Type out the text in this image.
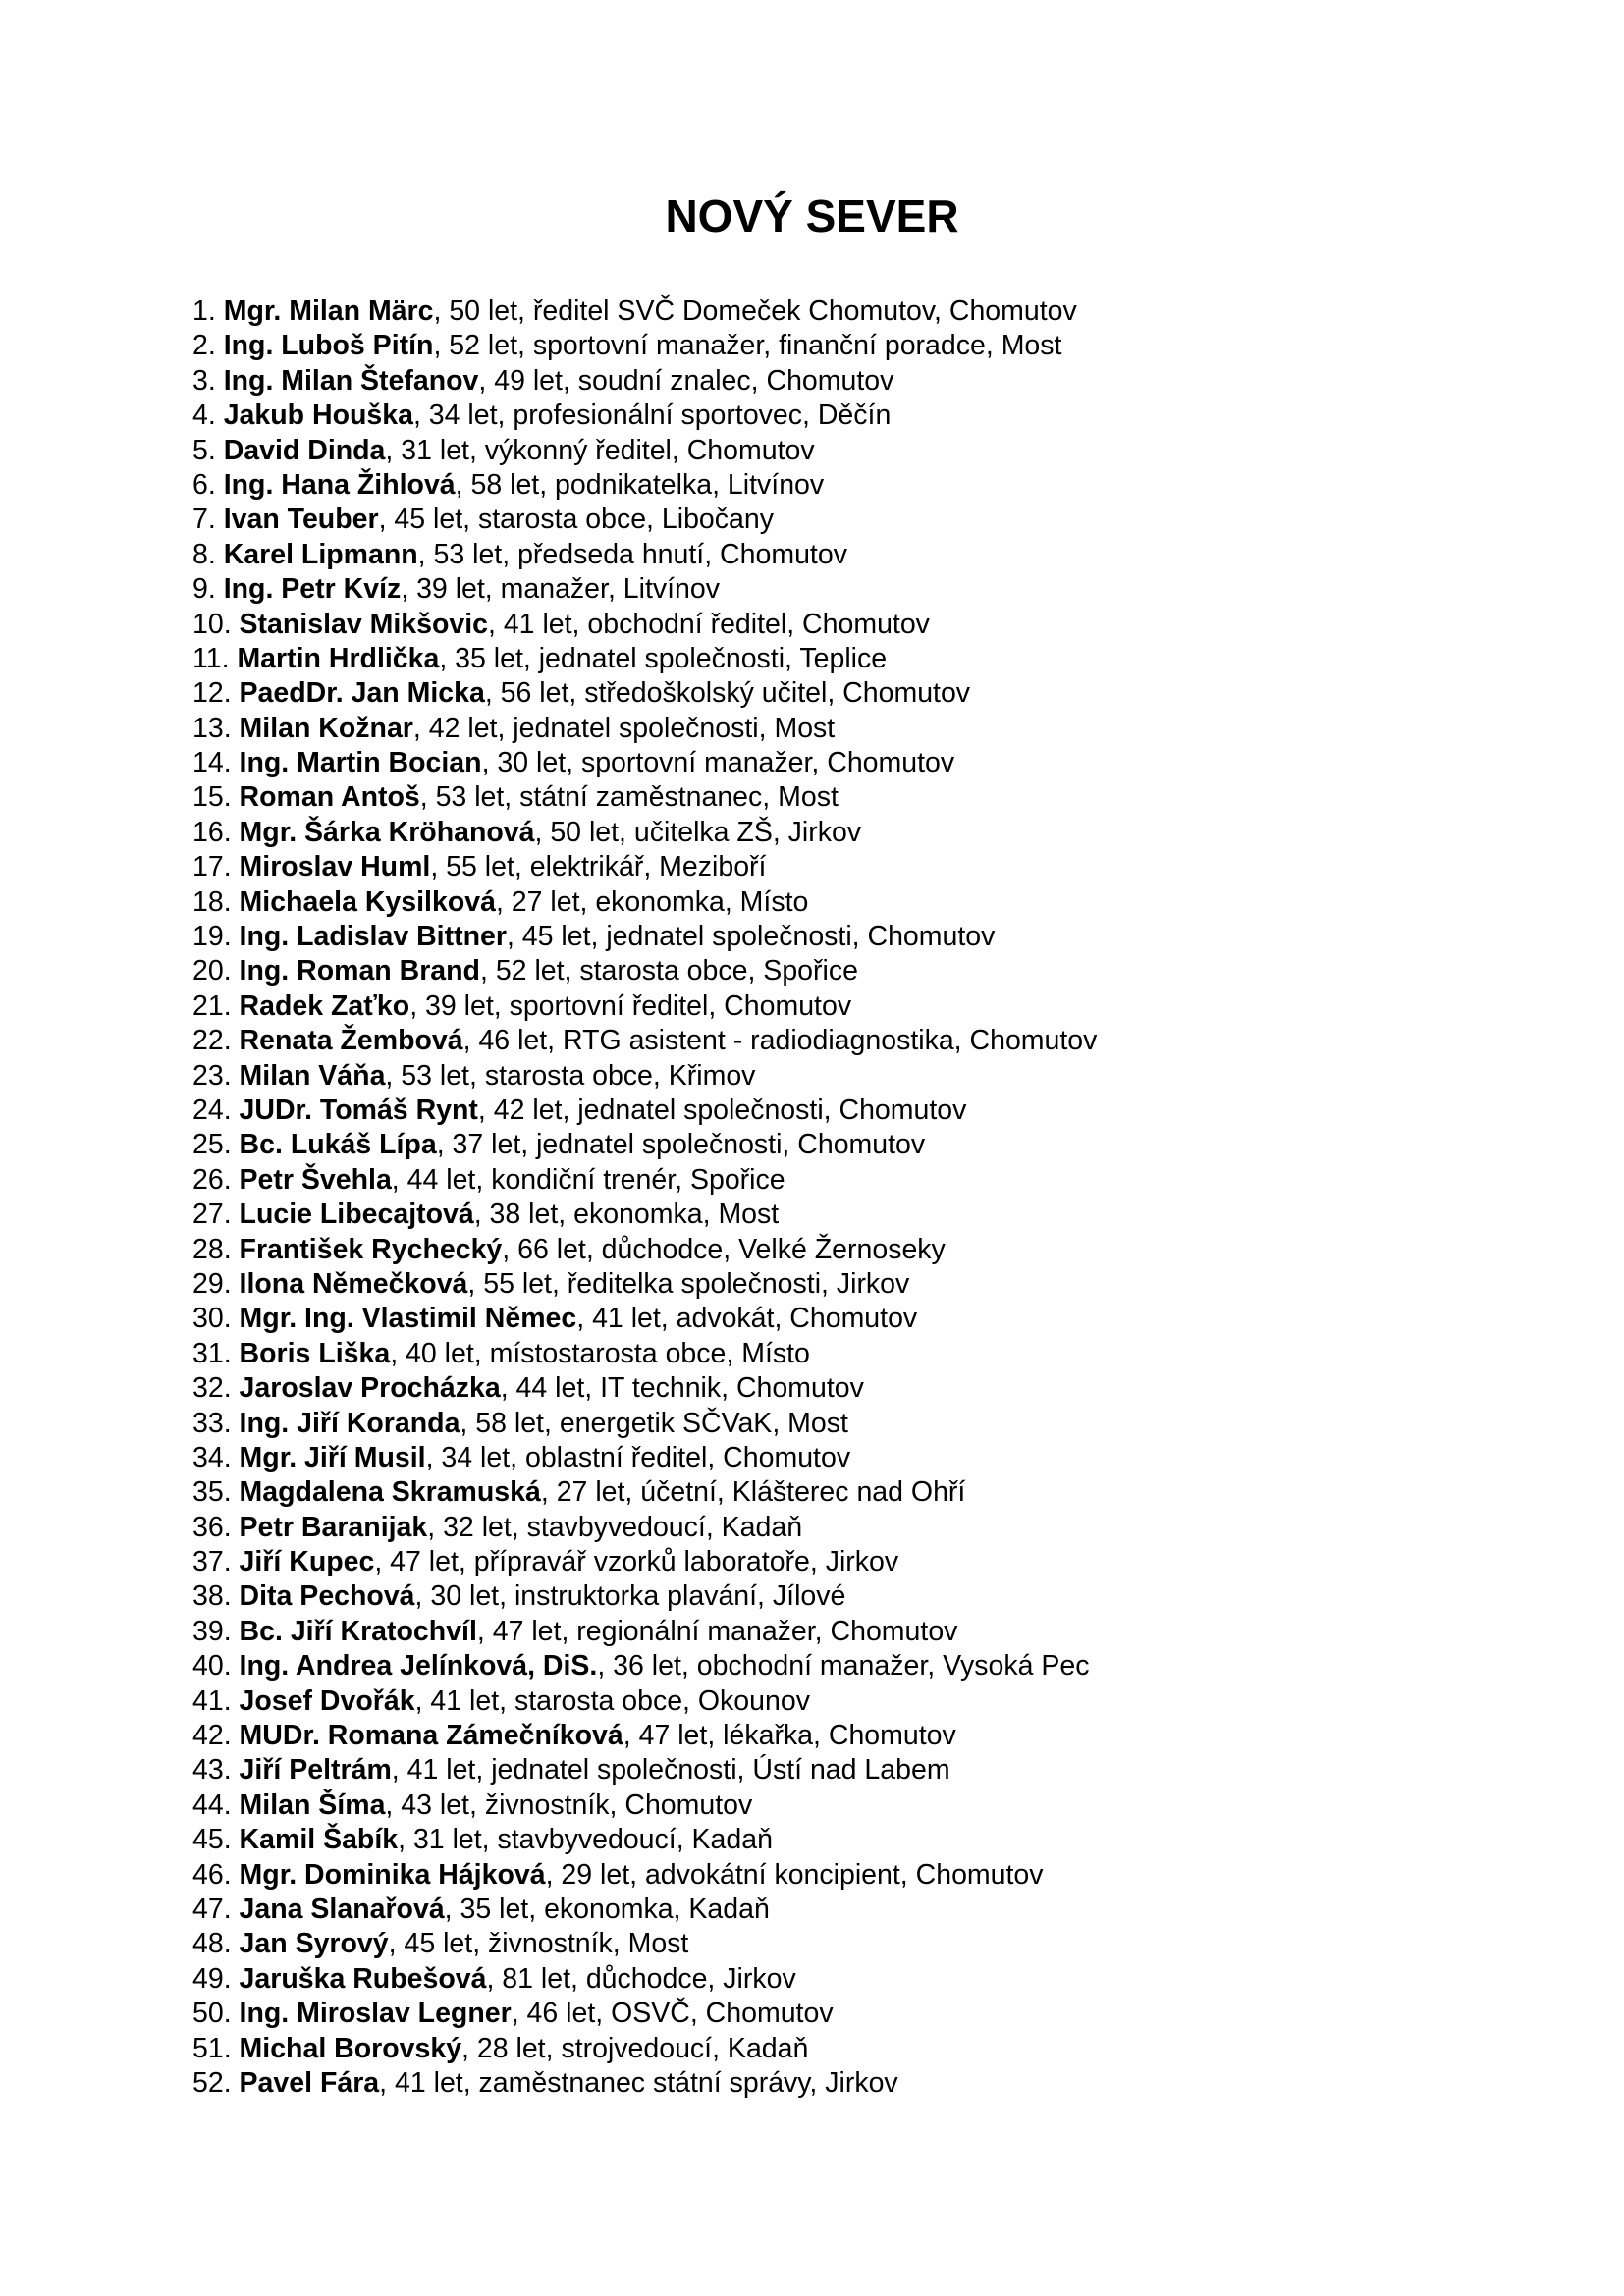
NOVÝ SEVER
1. Mgr. Milan Märc, 50 let, ředitel SVČ Domeček Chomutov, Chomutov
2. Ing. Luboš Pitín, 52 let, sportovní manažer, finanční poradce, Most
3. Ing. Milan Štefanov, 49 let, soudní znalec, Chomutov
4. Jakub Houška, 34 let, profesionální sportovec, Děčín
5. David Dinda, 31 let, výkonný ředitel, Chomutov
6. Ing. Hana Žihlová, 58 let, podnikatelka, Litvínov
7. Ivan Teuber, 45 let, starosta obce, Libočany
8. Karel Lipmann, 53 let, předseda hnutí, Chomutov
9. Ing. Petr Kvíz, 39 let, manažer, Litvínov
10. Stanislav Mikšovic, 41 let, obchodní ředitel, Chomutov
11. Martin Hrdlička, 35 let, jednatel společnosti, Teplice
12. PaedDr. Jan Micka, 56 let, středoškolský učitel, Chomutov
13. Milan Kožnar, 42 let, jednatel společnosti, Most
14. Ing. Martin Bocian, 30 let, sportovní manažer, Chomutov
15. Roman Antoš, 53 let, státní zaměstnanec, Most
16. Mgr. Šárka Kröhanová, 50 let, učitelka ZŠ, Jirkov
17. Miroslav Huml, 55 let, elektrikář, Meziboří
18. Michaela Kysilková, 27 let, ekonomka, Místo
19. Ing. Ladislav Bittner, 45 let, jednatel společnosti, Chomutov
20. Ing. Roman Brand, 52 let, starosta obce, Spořice
21. Radek Zaťko, 39 let, sportovní ředitel, Chomutov
22. Renata Žembová, 46 let, RTG asistent - radiodiagnostika, Chomutov
23. Milan Váňa, 53 let, starosta obce, Křimov
24. JUDr. Tomáš Rynt, 42 let, jednatel společnosti, Chomutov
25. Bc. Lukáš Lípa, 37 let, jednatel společnosti, Chomutov
26. Petr Švehla, 44 let, kondiční trenér, Spořice
27. Lucie Libecajtová, 38 let, ekonomka, Most
28. František Rychecký, 66 let, důchodce, Velké Žernoseky
29. Ilona Němečková, 55 let, ředitelka společnosti, Jirkov
30. Mgr. Ing. Vlastimil Němec, 41 let, advokát, Chomutov
31. Boris Liška, 40 let, místostarosta obce, Místo
32. Jaroslav Procházka, 44 let, IT technik, Chomutov
33. Ing. Jiří Koranda, 58 let, energetik SČVaK, Most
34. Mgr. Jiří Musil, 34 let, oblastní ředitel, Chomutov
35. Magdalena Skramuská, 27 let, účetní, Klášterec nad Ohří
36. Petr Baranijak, 32 let, stavbyvedoucí, Kadaň
37. Jiří Kupec, 47 let, přípravář vzorků laboratoře, Jirkov
38. Dita Pechová, 30 let, instruktorka plavání, Jílové
39. Bc. Jiří Kratochvíl, 47 let, regionální manažer, Chomutov
40. Ing. Andrea Jelínková, DiS., 36 let, obchodní manažer, Vysoká Pec
41. Josef Dvořák, 41 let, starosta obce, Okounov
42. MUDr. Romana Zámečníková, 47 let, lékařka, Chomutov
43. Jiří Peltrám, 41 let, jednatel společnosti, Ústí nad Labem
44. Milan Šíma, 43 let, živnostník, Chomutov
45. Kamil Šabík, 31 let, stavbyvedoucí, Kadaň
46. Mgr. Dominika Hájková, 29 let, advokátní koncipient, Chomutov
47. Jana Slanařová, 35 let, ekonomka, Kadaň
48. Jan Syrový, 45 let, živnostník, Most
49. Jaruška Rubešová, 81 let, důchodce, Jirkov
50. Ing. Miroslav Legner, 46 let, OSVČ, Chomutov
51. Michal Borovský, 28 let, strojvedoucí, Kadaň
52. Pavel Fára, 41 let, zaměstnanec státní správy, Jirkov
